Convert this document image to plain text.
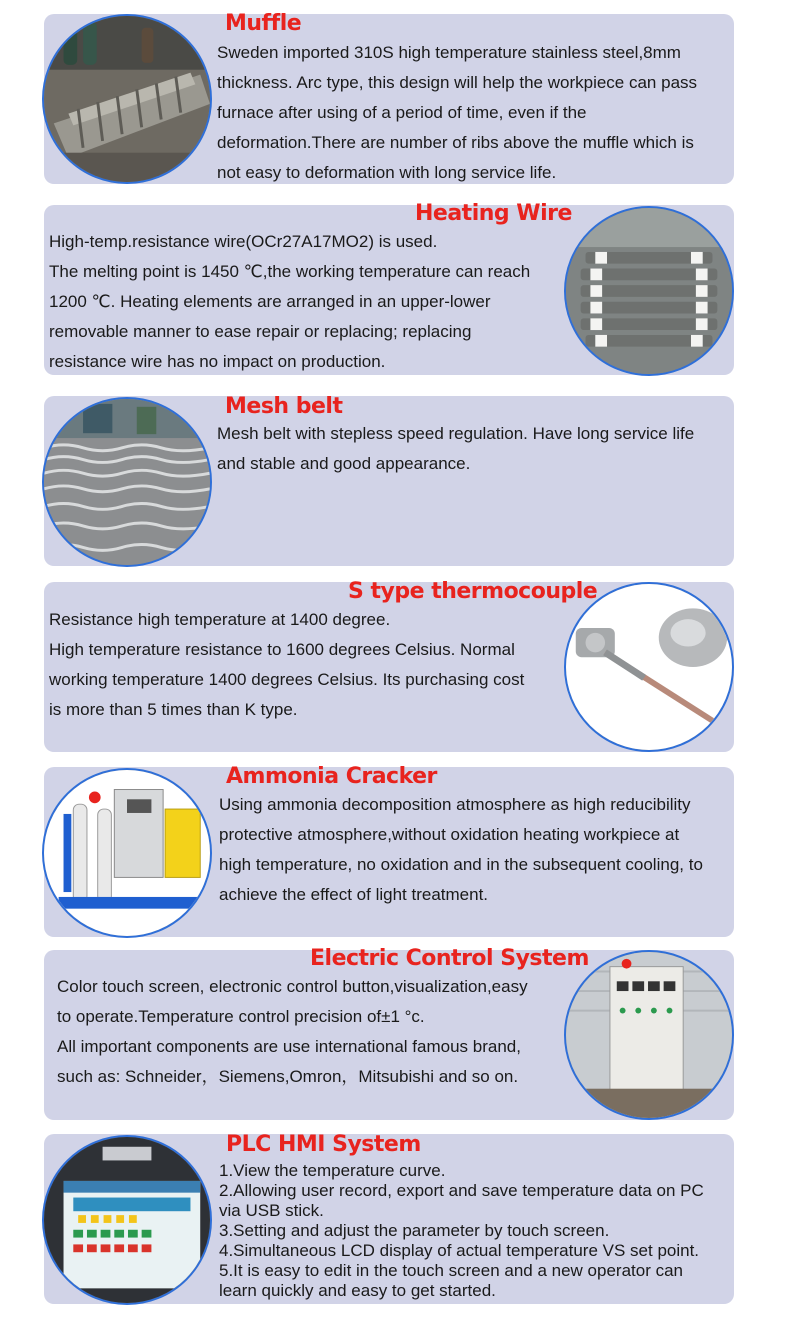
Muffle
Sweden imported 310S high temperature stainless steel,8mm
thickness. Arc type, this design will help the workpiece can pass
furnace after using of a period of time, even if the
deformation.There are number of ribs above the muffle which is
not easy to deformation with long service life.
Heating Wire
High-temp.resistance wire(OCr27A17MO2) is used.
The melting point is 1450 ℃,the working temperature can reach
1200 ℃. Heating elements are arranged in an upper-lower
removable manner to ease repair or replacing; replacing
resistance wire has no impact on production.
Mesh belt
Mesh belt with stepless speed regulation. Have long service life
and stable and good appearance.
S type thermocouple
Resistance high temperature at 1400 degree.
High temperature resistance to 1600 degrees Celsius. Normal
working temperature 1400 degrees Celsius. Its purchasing cost
is more than 5 times than K type.
Ammonia Cracker
Using ammonia decomposition atmosphere as high reducibility
protective atmosphere,without oxidation heating workpiece at
high temperature, no oxidation and in the subsequent cooling, to
achieve the effect of light treatment.
Electric Control System
Color touch screen, electronic control button,visualization,easy
to operate.Temperature control precision of±1 °c.
All important components are use international famous brand,
such as: Schneider，Siemens,Omron，Mitsubishi and so on.
PLC HMI System
1.View the temperature curve.
2.Allowing user record, export and save temperature data on PC
via USB stick.
3.Setting and adjust the parameter by touch screen.
4.Simultaneous LCD display of actual temperature VS set point.
5.It is easy to edit in the touch screen and a new operator can
learn quickly and easy to get started.
